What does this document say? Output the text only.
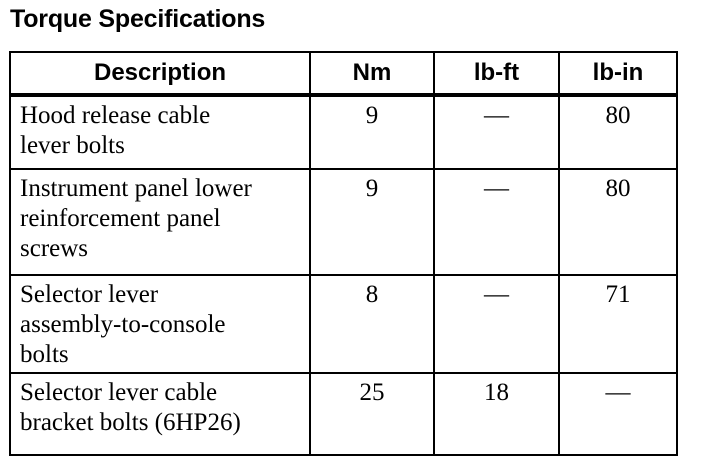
Torque Specifications
Description	Nm	lb-ft	lb-in

Hood release cable
lever bolts	9	—	80

Instrument panel lower
reinforcement panel
screws	9	—	80

Selector lever
assembly-to-console
bolts	8	—	71

Selector lever cable
bracket bolts (6HP26)	25	18	—
